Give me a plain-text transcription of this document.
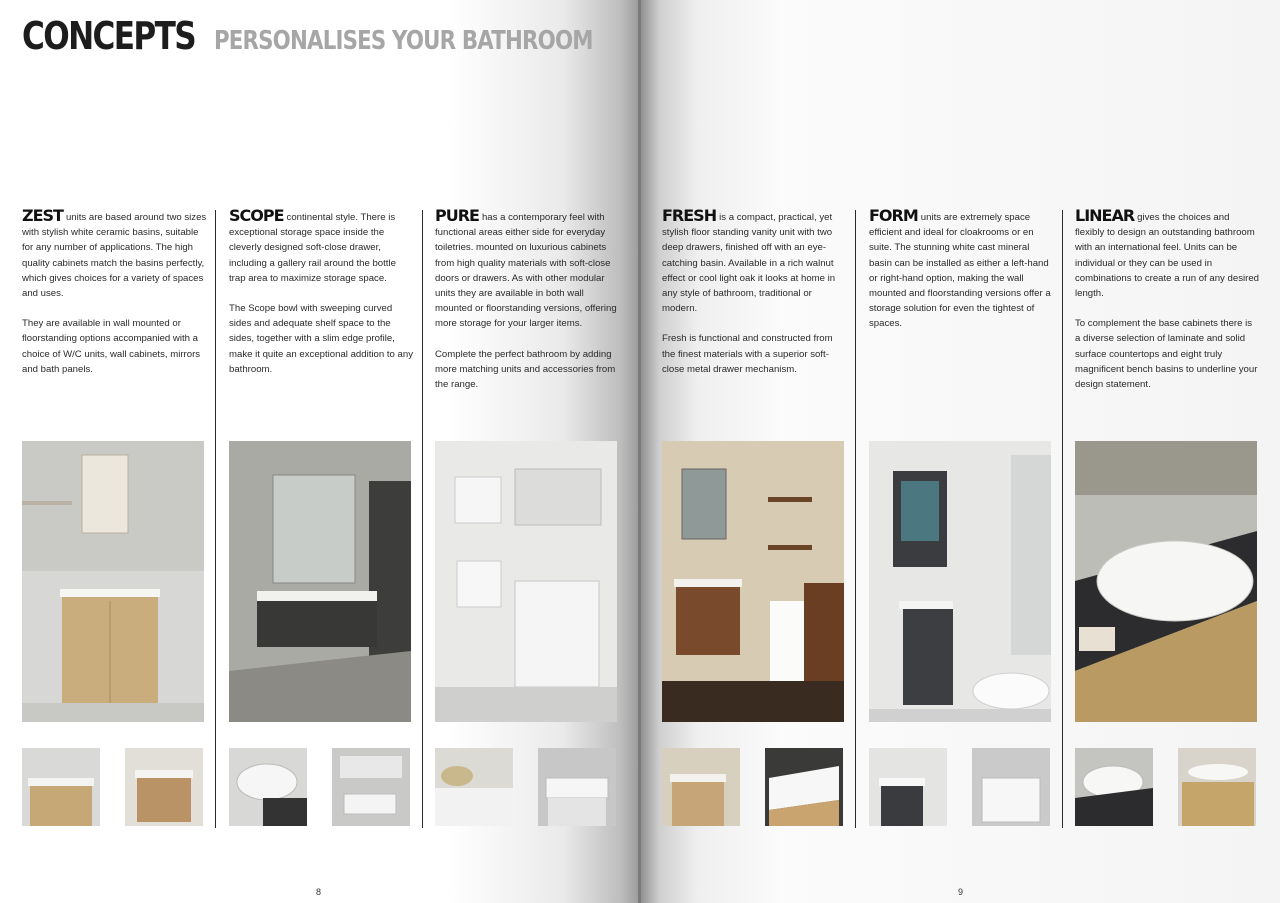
CONCEPTS PERSONALISES YOUR BATHROOM

ZEST units are based around two sizes with stylish white ceramic basins, suitable for any number of applications. The high quality cabinets match the basins perfectly, which gives choices for a variety of spaces and uses.

They are available in wall mounted or floorstanding options accompanied with a choice of W/C units, wall cabinets, mirrors and bath panels.

SCOPE continental style. There is exceptional storage space inside the cleverly designed soft-close drawer, including a gallery rail around the bottle trap area to maximize storage space.

The Scope bowl with sweeping curved sides and adequate shelf space to the sides, together with a slim edge profile, make it quite an exceptional addition to any bathroom.

PURE has a contemporary feel with functional areas either side for everyday toiletries. mounted on luxurious cabinets from high quality materials with soft-close doors or drawers. As with other modular units they are available in both wall mounted or floorstanding versions, offering more storage for your larger items.

Complete the perfect bathroom by adding more matching units and accessories from the range.

FRESH is a compact, practical, yet stylish floor standing vanity unit with two deep drawers, finished off with an eye-catching basin. Available in a rich walnut effect or cool light oak it looks at home in any style of bathroom, traditional or modern.

Fresh is functional and constructed from the finest materials with a superior soft-close metal drawer mechanism.

FORM units are extremely space efficient and ideal for cloakrooms or en suite. The stunning white cast mineral basin can be installed as either a left-hand or right-hand option, making the wall mounted and floorstanding versions offer a storage solution for even the tightest of spaces.

LINEAR gives the choices and flexibly to design an outstanding bathroom with an international feel. Units can be individual or they can be used in combinations to create a run of any desired length.

To complement the base cabinets there is a diverse selection of laminate and solid surface countertops and eight truly magnificent bench basins to underline your design statement.

8	9
